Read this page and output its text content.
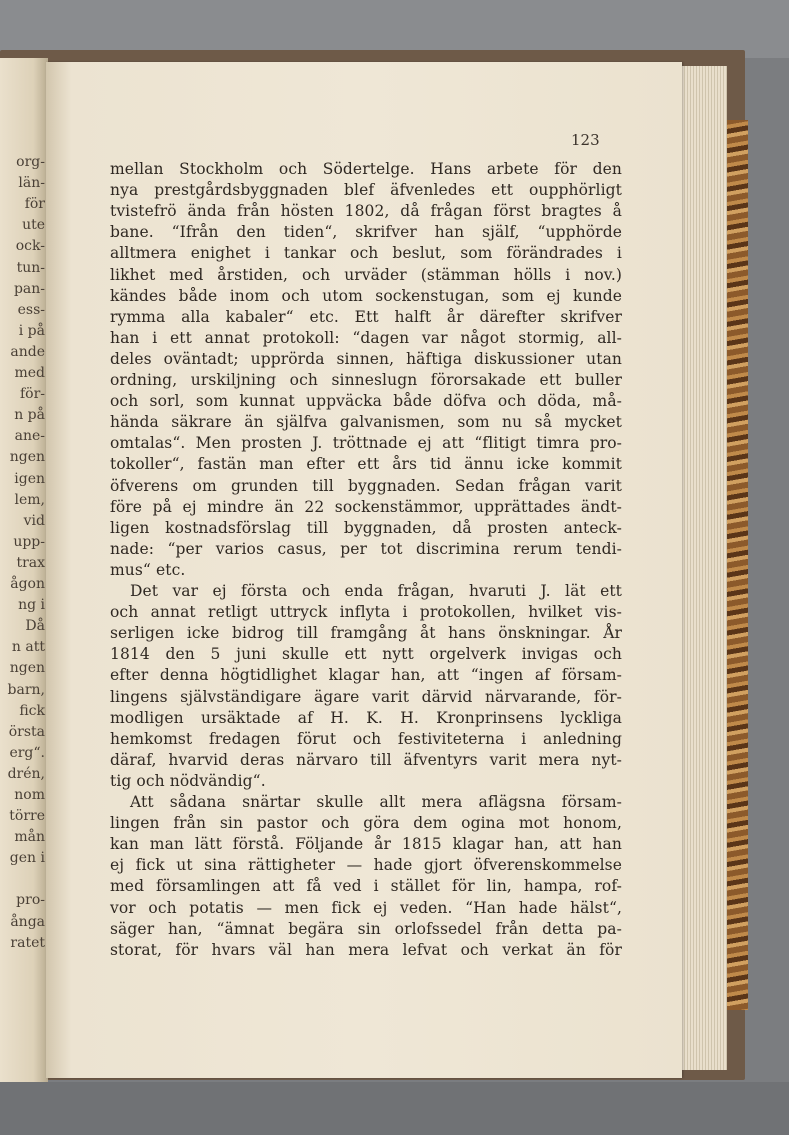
org-
län-
för
ute
ock-
tun-
pan-
ess-
i på
ande
med
för-
n på
ane-
ngen
igen
lem,
vid
upp-
trax
ågon
ng i
Då
n att
ngen
barn,
fick
örsta
erg“.
drén,
nom
törre
mån
gen i
pro-
ånga
ratet
123
mellan Stockholm och Södertelge. Hans arbete för den
nya prestgårdsbyggnaden blef äfvenledes ett oupphörligt
tvistefrö ända från hösten 1802, då frågan först bragtes å
bane. “Ifrån den tiden“, skrifver han själf, “upphörde
alltmera enighet i tankar och beslut, som förändrades i
likhet med årstiden, och urväder (stämman hölls i nov.)
kändes både inom och utom sockenstugan, som ej kunde
rymma alla kabaler“ etc. Ett halft år därefter skrifver
han i ett annat protokoll: “dagen var något stormig, all-
deles oväntadt; upprörda sinnen, häftiga diskussioner utan
ordning, urskiljning och sinneslugn förorsakade ett buller
och sorl, som kunnat uppväcka både döfva och döda, må-
hända säkrare än själfva galvanismen, som nu så mycket
omtalas“. Men prosten J. tröttnade ej att “flitigt timra pro-
tokoller“, fastän man efter ett års tid ännu icke kommit
öfverens om grunden till byggnaden. Sedan frågan varit
före på ej mindre än 22 sockenstämmor, upprättades ändt-
ligen kostnadsförslag till byggnaden, då prosten anteck-
nade: “per varios casus, per tot discrimina rerum tendi-
mus“ etc.
Det var ej första och enda frågan, hvaruti J. lät ett
och annat retligt uttryck inflyta i protokollen, hvilket vis-
serligen icke bidrog till framgång åt hans önskningar. År
1814 den 5 juni skulle ett nytt orgelverk invigas och
efter denna högtidlighet klagar han, att “ingen af försam-
lingens självständigare ägare varit därvid närvarande, för-
modligen ursäktade af H. K. H. Kronprinsens lyckliga
hemkomst fredagen förut och festiviteterna i anledning
däraf, hvarvid deras närvaro till äfventyrs varit mera nyt-
tig och nödvändig“.
Att sådana snärtar skulle allt mera aflägsna försam-
lingen från sin pastor och göra dem ogina mot honom,
kan man lätt förstå. Följande år 1815 klagar han, att han
ej fick ut sina rättigheter — hade gjort öfverenskommelse
med församlingen att få ved i stället för lin, hampa, rof-
vor och potatis — men fick ej veden. “Han hade hälst“,
säger han, “ämnat begära sin orlofssedel från detta pa-
storat, för hvars väl han mera lefvat och verkat än för
